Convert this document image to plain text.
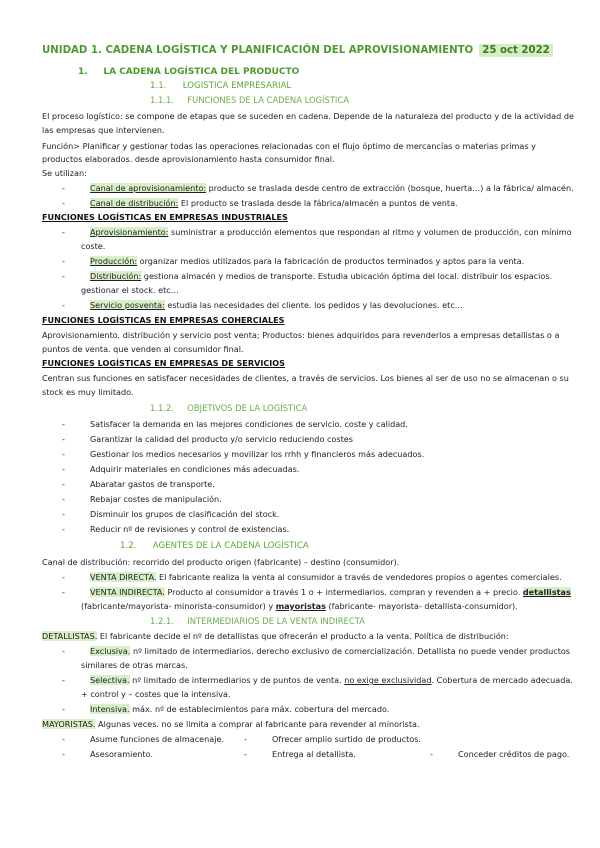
UNIDAD 1. CADENA LOGÍSTICA Y PLANIFICACIÓN DEL APROVISIONAMIENTO 25 oct 2022
1. LA CADENA LOGÍSTICA DEL PRODUCTO
1.1. LOGISTICA EMPRESARIAL
1.1.1. FUNCIONES DE LA CADENA LOGÍSTICA
El proceso logístico: se compone de etapas que se suceden en cadena. Depende de la naturaleza del producto y de la actividad de
las empresas que intervienen.
Función> Planificar y gestionar todas las operaciones relacionadas con el flujo óptimo de mercancías o materias primas y
productos elaborados. desde aprovisionamiento hasta consumidor final.
Se utilizan:
-	Canal de aprovisionamiento: producto se traslada desde centro de extracción (bosque, huerta…) a la fábrica/ almacén.
-	Canal de distribución: El producto se traslada desde la fábrica/almacén a puntos de venta.
FUNCIONES LOGÍSTICAS EN EMPRESAS INDUSTRIALES
-	Aprovisionamiento: suministrar a producción elementos que respondan al ritmo y volumen de producción, con mínimo
coste.
-	Producción: organizar medios utilizados para la fabricación de productos terminados y aptos para la venta.
-	Distribución: gestiona almacén y medios de transporte. Estudia ubicación óptima del local. distribuir los espacios.
gestionar el stock. etc…
-	Servicio posventa: estudia las necesidades del cliente. los pedidos y las devoluciones. etc…
FUNCIONES LOGÍSTICAS EN EMPRESAS COHERCIALES
Aprovisionamiento. distribución y servicio post venta; Productos: bienes adquiridos para revenderlos a empresas detallistas o a
puntos de venta. que venden al consumidor final.
FUNCIONES LOGÍSTICAS EN EMPRESAS DE SERVICIOS
Centran sus funciones en satisfacer necesidades de clientes, a través de servicios. Los bienes al ser de uso no se almacenan o su
stock es muy limitado.
1.1.2. OBJETIVOS DE LA LOGÍSTICA
-	Satisfacer la demanda en las mejores condiciones de servicio. coste y calidad.
-	Garantizar la calidad del producto y/o servicio reduciendo costes
-	Gestionar los medios necesarios y movilizar los rrhh y financieros más adecuados.
-	Adquirir materiales en condiciones más adecuadas.
-	Abaratar gastos de transporte.
-	Rebajar costes de manipulación.
-	Disminuir los grupos de clasificación del stock.
-	Reducir nº de revisiones y control de existencias.
1.2. AGENTES DE LA CADENA LOGÍSTICA
Canal de distribución: recorrido del producto origen (fabricante) – destino (consumidor).
-	VENTA DIRECTA. El fabricante realiza la venta al consumidor a través de vendedores propios o agentes comerciales.
-	VENTA INDIRECTA. Producto al consumidor a través 1 o + intermediarios. compran y revenden a + precio. detallistas
(fabricante/mayorista- minorista-consumidor) y mayoristas (fabricante- mayorista- detallista-consumidor).
1.2.1. INTERMEDIARIOS DE LA VENTA INDIRECTA
DETALLISTAS. El fabricante decide el nº de detallistas que ofrecerán el producto a la venta. Política de distribución:
-	Exclusiva. nº limitado de intermediarios. derecho exclusivo de comercialización. Detallista no puede vender productos
similares de otras marcas.
-	Selectiva. nº limitado de intermediarios y de puntos de venta. no exige exclusividad. Cobertura de mercado adecuada.
+ control y – costes que la intensiva.
-	Intensiva. máx. nº de establecimientos para máx. cobertura del mercado.
MAYORISTAS. Algunas veces. no se limita a comprar al fabricante para revender al minorista.
-	Asume funciones de almacenaje.	-	Ofrecer amplio surtido de productos.
-	Asesoramiento.	-	Entrega al detallista.	-	Conceder créditos de pago.
